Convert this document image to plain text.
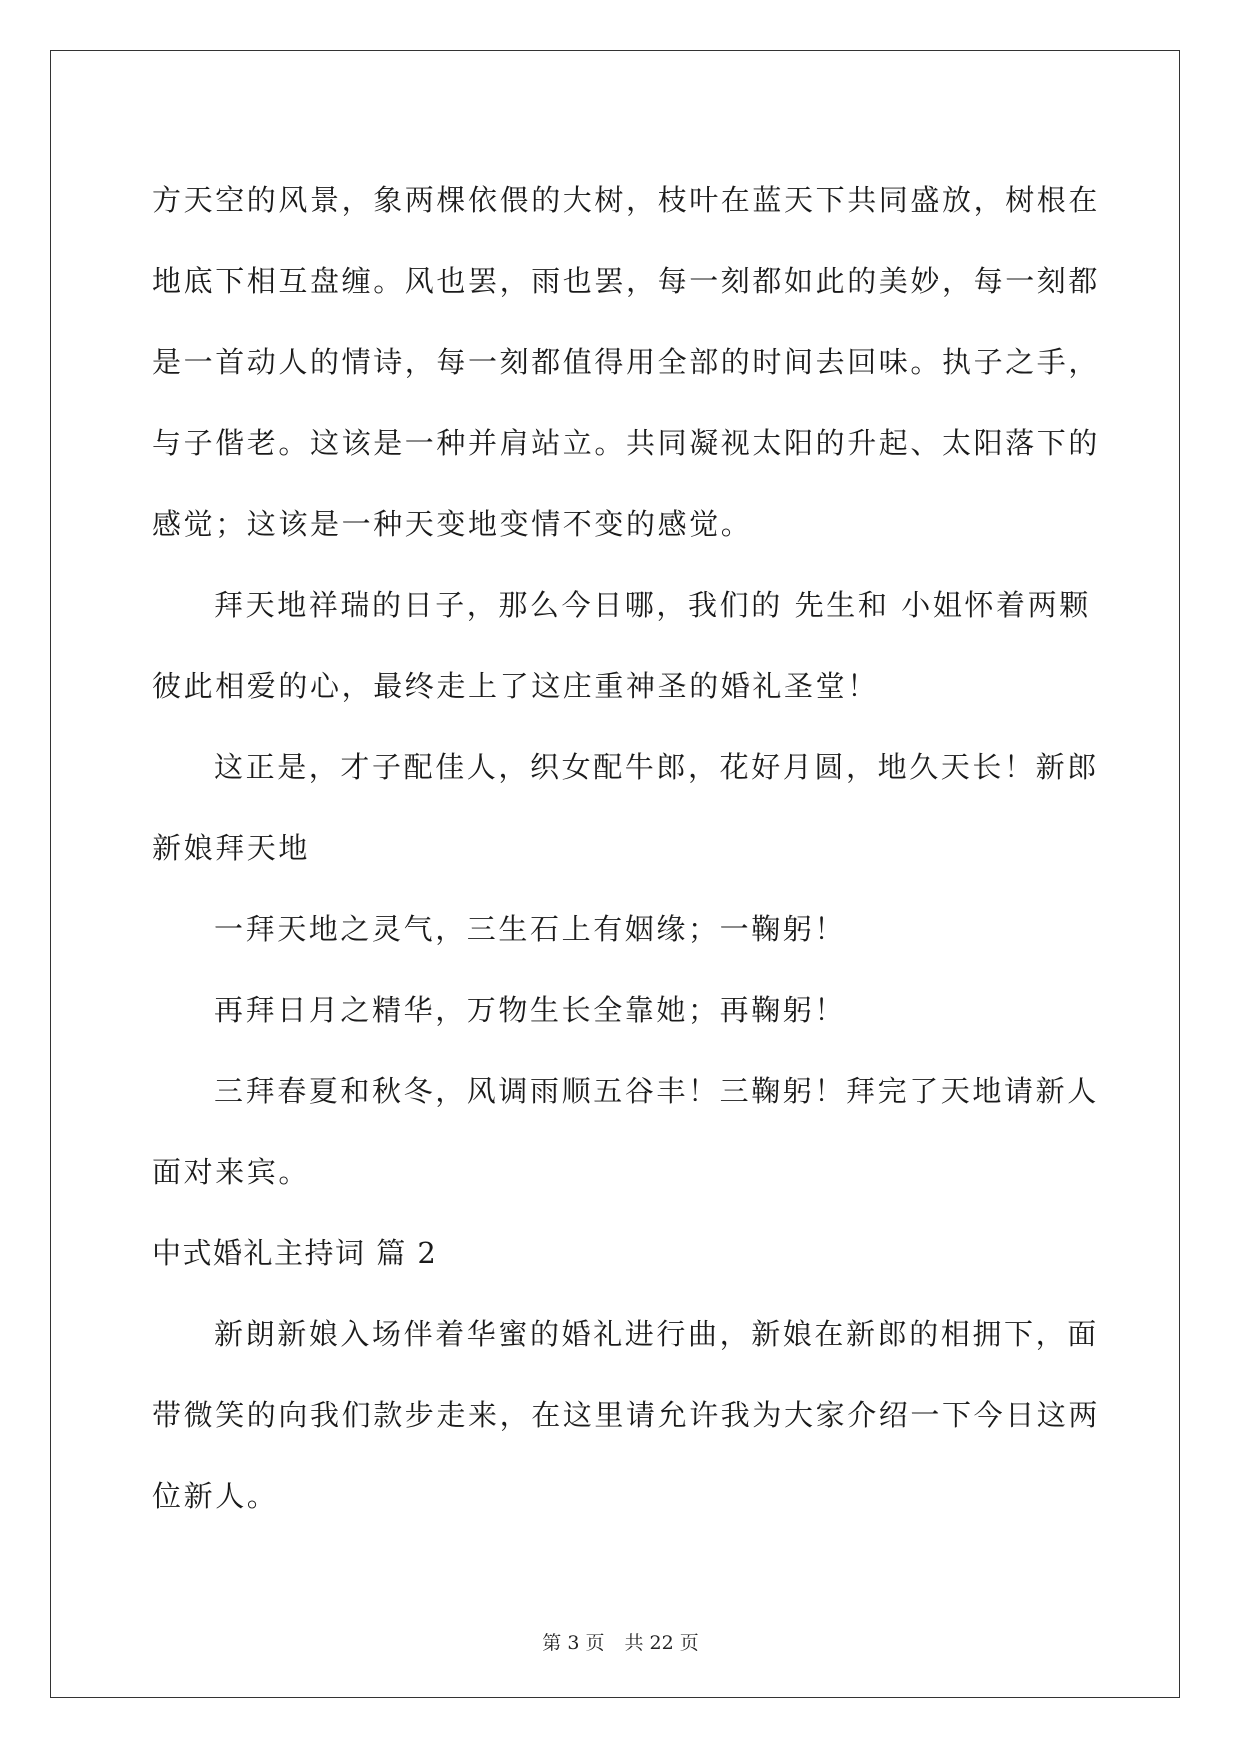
方天空的风景，象两棵依偎的大树，枝叶在蓝天下共同盛放，树根在
地底下相互盘缠。风也罢，雨也罢，每一刻都如此的美妙，每一刻都
是一首动人的情诗，每一刻都值得用全部的时间去回味。执子之手，
与子偕老。这该是一种并肩站立。共同凝视太阳的升起、太阳落下的
感觉；这该是一种天变地变情不变的感觉。
拜天地祥瑞的日子，那么今日哪，我们的 先生和 小姐怀着两颗
彼此相爱的心，最终走上了这庄重神圣的婚礼圣堂！
这正是，才子配佳人，织女配牛郎，花好月圆，地久天长！新郎
新娘拜天地
一拜天地之灵气，三生石上有姻缘；一鞠躬！
再拜日月之精华，万物生长全靠她；再鞠躬！
三拜春夏和秋冬，风调雨顺五谷丰！三鞠躬！拜完了天地请新人
面对来宾。
中式婚礼主持词 篇 2
新朗新娘入场伴着华蜜的婚礼进行曲，新娘在新郎的相拥下，面
带微笑的向我们款步走来，在这里请允许我为大家介绍一下今日这两
位新人。
第 3 页 共 22 页
